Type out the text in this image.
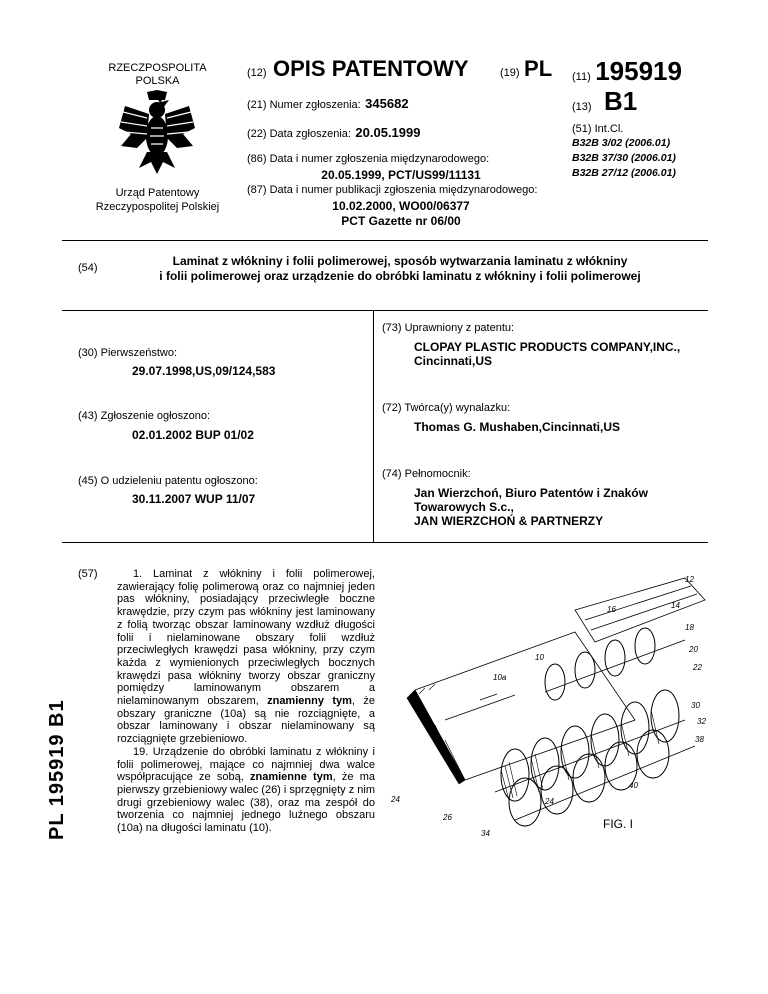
RZECZPOSPOLITA
POLSKA
Urząd Patentowy
Rzeczypospolitej Polskiej
(12) OPIS PATENTOWY	(19) PL (11) 195919
(13) B1
(21) Numer zgłoszenia: 345682
(22) Data zgłoszenia: 20.05.1999
(86) Data i numer zgłoszenia międzynarodowego:
20.05.1999, PCT/US99/11131
(87) Data i numer publikacji zgłoszenia międzynarodowego:
10.02.2000, WO00/06377
PCT Gazette nr 06/00
(51) Int.Cl.
B32B 3/02 (2006.01)
B32B 37/30 (2006.01)
B32B 27/12 (2006.01)
(54)	Laminat z włókniny i folii polimerowej, sposób wytwarzania laminatu z włókniny
i folii polimerowej oraz urządzenie do obróbki laminatu z włókniny i folii polimerowej
(30) Pierwszeństwo:
29.07.1998,US,09/124,583
(43) Zgłoszenie ogłoszono:
02.01.2002 BUP 01/02
(45) O udzieleniu patentu ogłoszono:
30.11.2007 WUP 11/07
(73) Uprawniony z patentu:
CLOPAY PLASTIC PRODUCTS COMPANY,INC.,
Cincinnati,US
(72) Twórca(y) wynalazku:
Thomas G. Mushaben,Cincinnati,US
(74) Pełnomocnik:
Jan Wierzchoń, Biuro Patentów i Znaków
Towarowych S.c.,
JAN WIERZCHOŃ & PARTNERZY
(57)
PL 195919 B1

1. Laminat z włókniny i folii polimerowej, zawierający folię polimerową oraz co najmniej jeden pas włókniny, posiadający przeciwległe boczne krawędzie, przy czym pas włókniny jest laminowany z folią tworząc obszar laminowany wzdłuż długości folii i nielaminowane obszary folii wzdłuż przeciwległych krawędzi pasa włókniny, przy czym każda z wymienionych przeciwległych bocznych krawędzi pasa włókniny tworzy obszar graniczny pomiędzy laminowanym obszarem a nielaminowanym obszarem, znamienny tym, że obszary graniczne (10a) są nie rozciągnięte, a obszar laminowany i obszar nielaminowany są rozciągnięte grzebieniowo.

19. Urządzenie do obróbki laminatu z włókniny i folii polimerowej, mające co najmniej dwa walce współpracujące ze sobą, znamienne tym, że ma pierwszy grzebieniowy walec (26) i sprzęgnięty z nim drugi grzebieniowy walec (38), oraz ma zespół do tworzenia co najmniej jednego luźnego obszaru (10a) na długości laminatu (10).

12
16	14
18
20
22
30
32
38
10
10a
24
26
34
40
24
FIG. I
